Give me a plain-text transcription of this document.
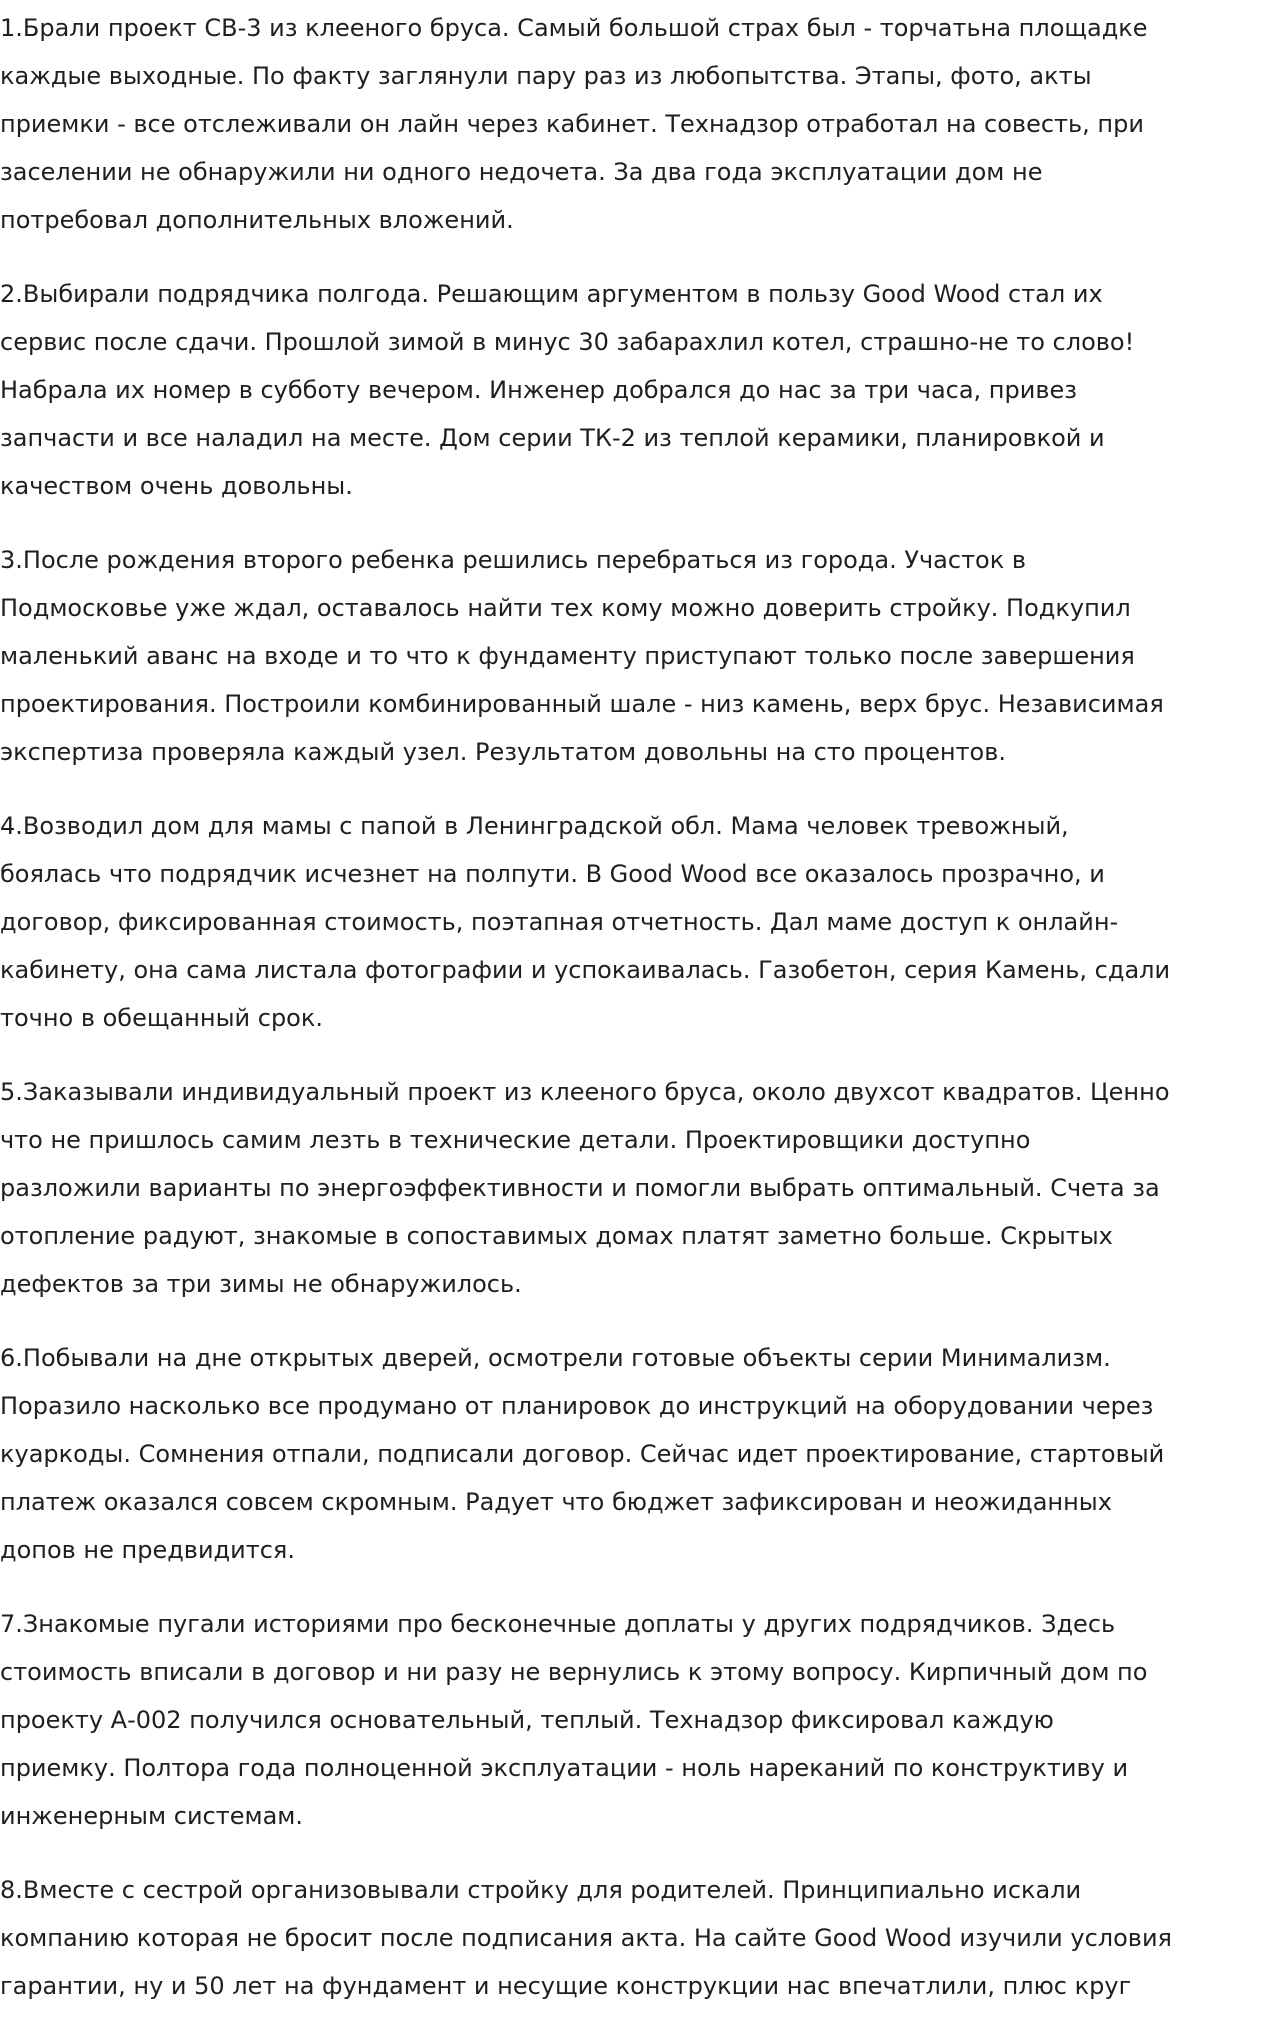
1.Брали проект СВ-3 из клееного бруса. Самый большой страх был - торчатьна площадке
каждые выходные. По факту заглянули пару раз из любопытства. Этапы, фото, акты
приемки - все отслеживали он лайн через кабинет. Технадзор отработал на совесть, при
заселении не обнаружили ни одного недочета. За два года эксплуатации дом не
потребовал дополнительных вложений.
2.Выбирали подрядчика полгода. Решающим аргументом в пользу Good Wood стал их
сервис после сдачи. Прошлой зимой в минус 30 забарахлил котел, страшно-не то слово!
Набрала их номер в субботу вечером. Инженер добрался до нас за три часа, привез
запчасти и все наладил на месте. Дом серии ТК-2 из теплой керамики, планировкой и
качеством очень довольны.
3.После рождения второго ребенка решились перебраться из города. Участок в
Подмосковье уже ждал, оставалось найти тех кому можно доверить стройку. Подкупил
маленький аванс на входе и то что к фундаменту приступают только после завершения
проектирования. Построили комбинированный шале - низ камень, верх брус. Независимая
экспертиза проверяла каждый узел. Результатом довольны на сто процентов.
4.Возводил дом для мамы с папой в Ленинградской обл. Мама человек тревожный,
боялась что подрядчик исчезнет на полпути. В Good Wood все оказалось прозрачно, и
договор, фиксированная стоимость, поэтапная отчетность. Дал маме доступ к онлайн-
кабинету, она сама листала фотографии и успокаивалась. Газобетон, серия Камень, сдали
точно в обещанный срок.
5.Заказывали индивидуальный проект из клееного бруса, около двухсот квадратов. Ценно
что не пришлось самим лезть в технические детали. Проектировщики доступно
разложили варианты по энергоэффективности и помогли выбрать оптимальный. Счета за
отопление радуют, знакомые в сопоставимых домах платят заметно больше. Скрытых
дефектов за три зимы не обнаружилось.
6.Побывали на дне открытых дверей, осмотрели готовые объекты серии Минимализм.
Поразило насколько все продумано от планировок до инструкций на оборудовании через
куаркоды. Сомнения отпали, подписали договор. Сейчас идет проектирование, стартовый
платеж оказался совсем скромным. Радует что бюджет зафиксирован и неожиданных
допов не предвидится.
7.Знакомые пугали историями про бесконечные доплаты у других подрядчиков. Здесь
стоимость вписали в договор и ни разу не вернулись к этому вопросу. Кирпичный дом по
проекту А-002 получился основательный, теплый. Технадзор фиксировал каждую
приемку. Полтора года полноценной эксплуатации - ноль нареканий по конструктиву и
инженерным системам.
8.Вместе с сестрой организовывали стройку для родителей. Принципиально искали
компанию которая не бросит после подписания акта. На сайте Good Wood изучили условия
гарантии, ну и 50 лет на фундамент и несущие конструкции нас впечатлили, плюс круг
